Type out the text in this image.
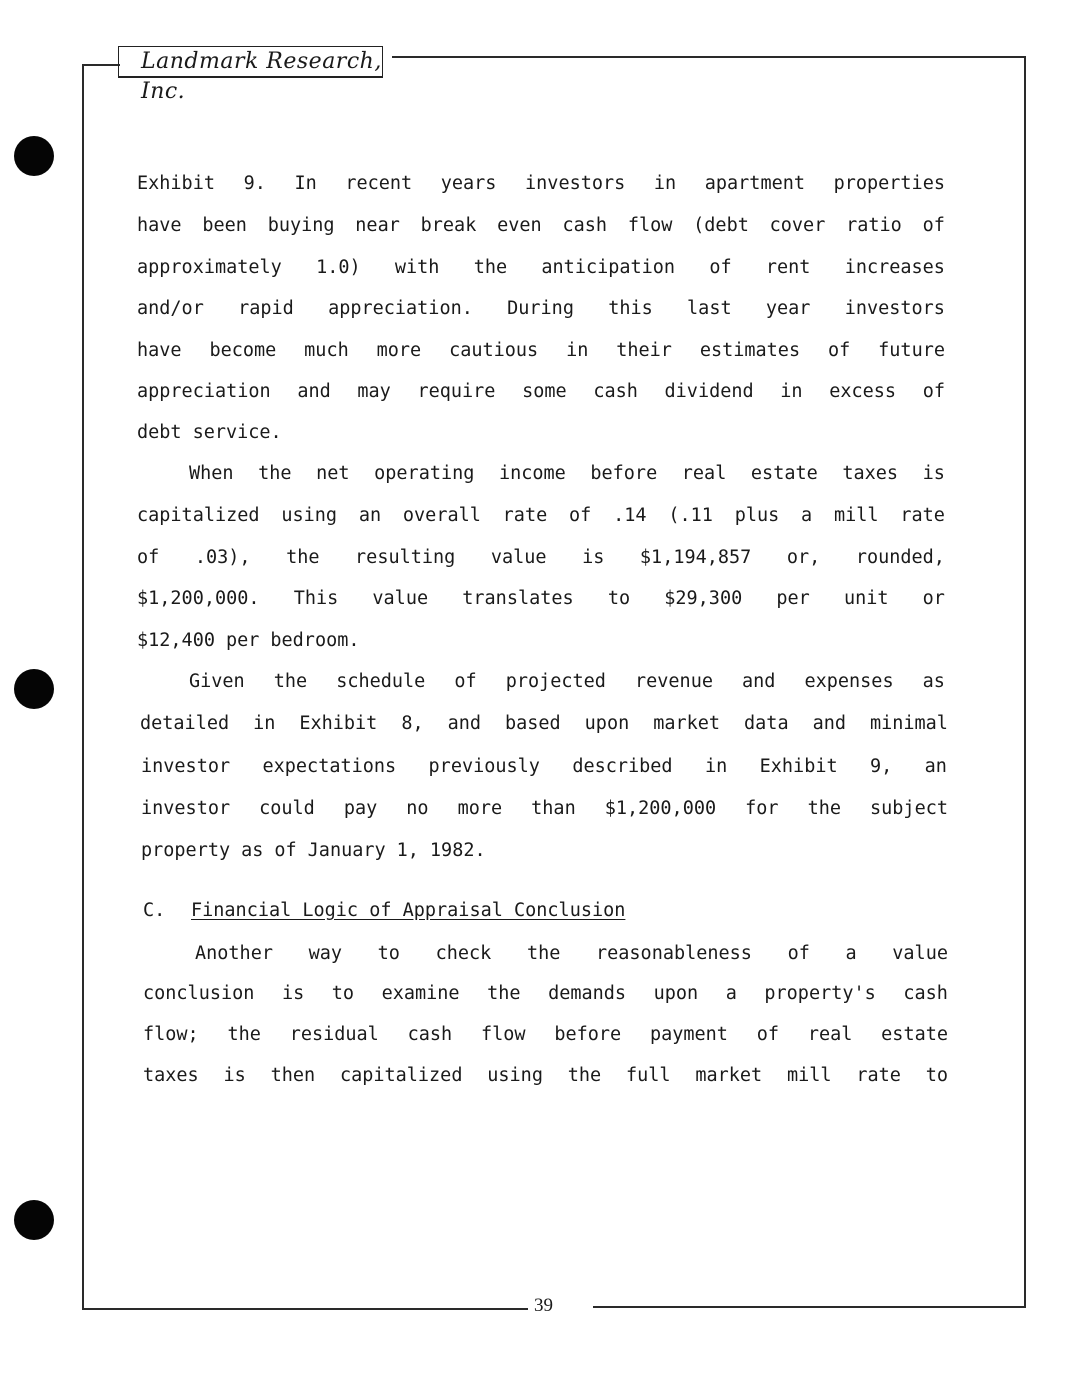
Landmark Research, Inc.
Exhibit 9. In recent years investors in apartment properties
have been buying near break even cash flow (debt cover ratio of
approximately 1.0) with the anticipation of rent increases
and/or rapid appreciation. During this last year investors
have become much more cautious in their estimates of future
appreciation and may require some cash dividend in excess of
debt service.
When the net operating income before real estate taxes is
capitalized using an overall rate of .14 (.11 plus a mill rate
of .03), the resulting value is $1,194,857 or, rounded,
$1,200,000. This value translates to $29,300 per unit or
$12,400 per bedroom.
Given the schedule of projected revenue and expenses as
detailed in Exhibit 8, and based upon market data and minimal
investor expectations previously described in Exhibit 9, an
investor could pay no more than $1,200,000 for the subject
property as of January 1, 1982.
C. Financial Logic of Appraisal Conclusion
Another way to check the reasonableness of a value
conclusion is to examine the demands upon a property's cash
flow; the residual cash flow before payment of real estate
taxes is then capitalized using the full market mill rate to
39
